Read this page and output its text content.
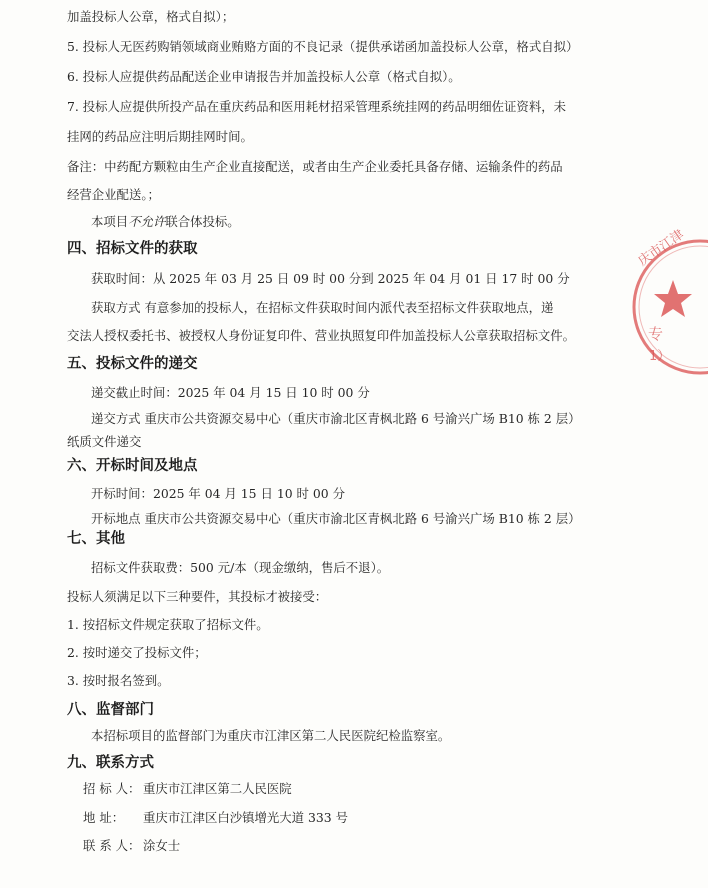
加盖投标人公章，格式自拟）；
5. 投标人无医药购销领域商业贿赂方面的不良记录（提供承诺函加盖投标人公章，格式自拟）
6. 投标人应提供药品配送企业申请报告并加盖投标人公章（格式自拟）。
7. 投标人应提供所投产品在重庆药品和医用耗材招采管理系统挂网的药品明细佐证资料，未
挂网的药品应注明后期挂网时间。
备注：中药配方颗粒由生产企业直接配送，或者由生产企业委托具备存储、运输条件的药品
经营企业配送。；
本项目不允许联合体投标。
四、招标文件的获取
获取时间：从 2025 年 03 月 25 日 09 时 00 分到 2025 年 04 月 01 日 17 时 00 分
获取方式 有意参加的投标人，在招标文件获取时间内派代表至招标文件获取地点，递
交法人授权委托书、被授权人身份证复印件、营业执照复印件加盖投标人公章获取招标文件。
五、投标文件的递交
递交截止时间：2025 年 04 月 15 日 10 时 00 分
递交方式 重庆市公共资源交易中心（重庆市渝北区青枫北路 6 号渝兴广场 B10 栋 2 层）
纸质文件递交
六、开标时间及地点
开标时间：2025 年 04 月 15 日 10 时 00 分
开标地点 重庆市公共资源交易中心（重庆市渝北区青枫北路 6 号渝兴广场 B10 栋 2 层）
七、其他
招标文件获取费：500 元/本（现金缴纳，售后不退）。
投标人须满足以下三种要件，其投标才被接受：
1. 按招标文件规定获取了招标文件。
2. 按时递交了投标文件；
3. 按时报名签到。
八、监督部门
本招标项目的监督部门为重庆市江津区第二人民医院纪检监察室。
九、联系方式
招 标 人： 重庆市江津区第二人民医院
地 址： 重庆市江津区白沙镇增光大道 333 号
联 系 人： 涂女士
庆市江津
专
1）
